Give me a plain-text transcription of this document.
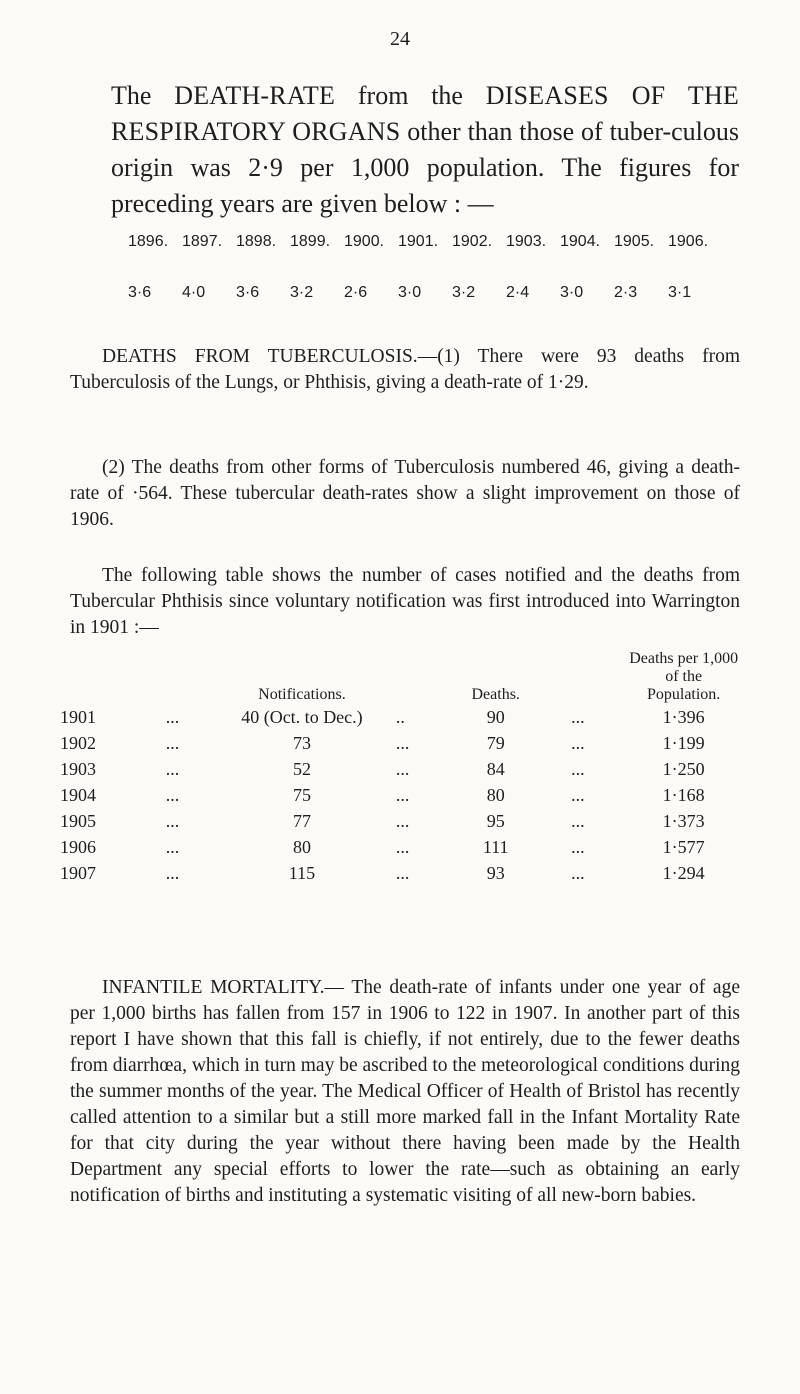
24

The DEATH-RATE from the DISEASES OF THE RESPIRATORY ORGANS other than those of tuber-culous origin was 2·9 per 1,000 population. The figures for preceding years are given below : —

1896. 1897. 1898. 1899. 1900. 1901. 1902. 1903. 1904. 1905. 1906.
3·6	4·0	3·6	3·2	2·6	3·0	3·2	2·4	3·0	2·3	3·1

DEATHS FROM TUBERCULOSIS.—(1) There were 93 deaths from Tuberculosis of the Lungs, or Phthisis, giving a death-rate of 1·29.

(2) The deaths from other forms of Tuberculosis numbered 46, giving a death-rate of ·564. These tubercular death-rates show a slight improvement on those of 1906.

The following table shows the number of cases notified and the deaths from Tubercular Phthisis since voluntary notification was first introduced into Warrington in 1901 :—

		Notifications.		Deaths.		Deaths per 1,000
of the
Population.
1901	...	40 (Oct. to Dec.)	..	90	...	1·396
1902	...	73	...	79	...	1·199
1903	...	52	...	84	...	1·250
1904	...	75	...	80	...	1·168
1905	...	77	...	95	...	1·373
1906	...	80	...	111	...	1·577
1907	...	115	...	93	...	1·294

INFANTILE MORTALITY.— The death-rate of infants under one year of age per 1,000 births has fallen from 157 in 1906 to 122 in 1907. In another part of this report I have shown that this fall is chiefly, if not entirely, due to the fewer deaths from diarrhœa, which in turn may be ascribed to the meteorological conditions during the summer months of the year. The Medical Officer of Health of Bristol has recently called attention to a similar but a still more marked fall in the Infant Mortality Rate for that city during the year without there having been made by the Health Department any special efforts to lower the rate—such as obtaining an early notification of births and instituting a systematic visiting of all new-born babies.
